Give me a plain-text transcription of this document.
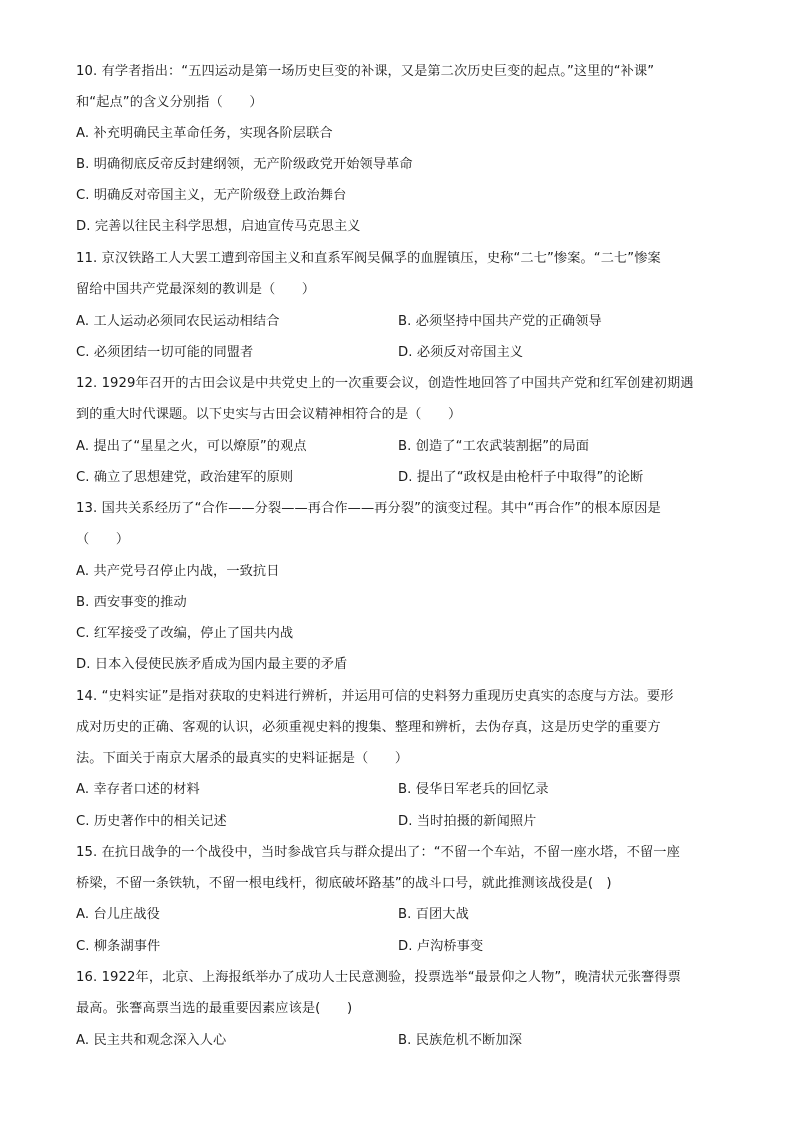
10. 有学者指出：“五四运动是第一场历史巨变的补课，又是第二次历史巨变的起点。”这里的“补课”
和“起点”的含义分别指（　　）
A. 补充明确民主革命任务，实现各阶层联合
B. 明确彻底反帝反封建纲领，无产阶级政党开始领导革命
C. 明确反对帝国主义，无产阶级登上政治舞台
D. 完善以往民主科学思想，启迪宣传马克思主义
11. 京汉铁路工人大罢工遭到帝国主义和直系军阀吴佩孚的血腥镇压，史称“二七”惨案。“二七”惨案
留给中国共产党最深刻的教训是（　　）
A. 工人运动必须同农民运动相结合	B. 必须坚持中国共产党的正确领导
C. 必须团结一切可能的同盟者	D. 必须反对帝国主义
12. 1929年召开的古田会议是中共党史上的一次重要会议，创造性地回答了中国共产党和红军创建初期遇
到的重大时代课题。以下史实与古田会议精神相符合的是（　　）
A. 提出了“星星之火，可以燎原”的观点	B. 创造了“工农武装割据”的局面
C. 确立了思想建党，政治建军的原则	D. 提出了“政权是由枪杆子中取得”的论断
13. 国共关系经历了“合作——分裂——再合作——再分裂”的演变过程。其中“再合作”的根本原因是
（　　）
A. 共产党号召停止内战，一致抗日
B. 西安事变的推动
C. 红军接受了改编，停止了国共内战
D. 日本入侵使民族矛盾成为国内最主要的矛盾
14. “史料实证”是指对获取的史料进行辨析，并运用可信的史料努力重现历史真实的态度与方法。要形
成对历史的正确、客观的认识，必须重视史料的搜集、整理和辨析，去伪存真，这是历史学的重要方
法。下面关于南京大屠杀的最真实的史料证据是（　　）
A. 幸存者口述的材料	B. 侵华日军老兵的回忆录
C. 历史著作中的相关记述	D. 当时拍摄的新闻照片
15. 在抗日战争的一个战役中，当时参战官兵与群众提出了：“不留一个车站，不留一座水塔，不留一座
桥梁，不留一条铁轨，不留一根电线杆，彻底破坏路基”的战斗口号，就此推测该战役是(　)
A. 台儿庄战役	B. 百团大战
C. 柳条湖事件	D. 卢沟桥事变
16. 1922年，北京、上海报纸举办了成功人士民意测验，投票选举“最景仰之人物”，晚清状元张謇得票
最高。张謇高票当选的最重要因素应该是(　　)
A. 民主共和观念深入人心	B. 民族危机不断加深
